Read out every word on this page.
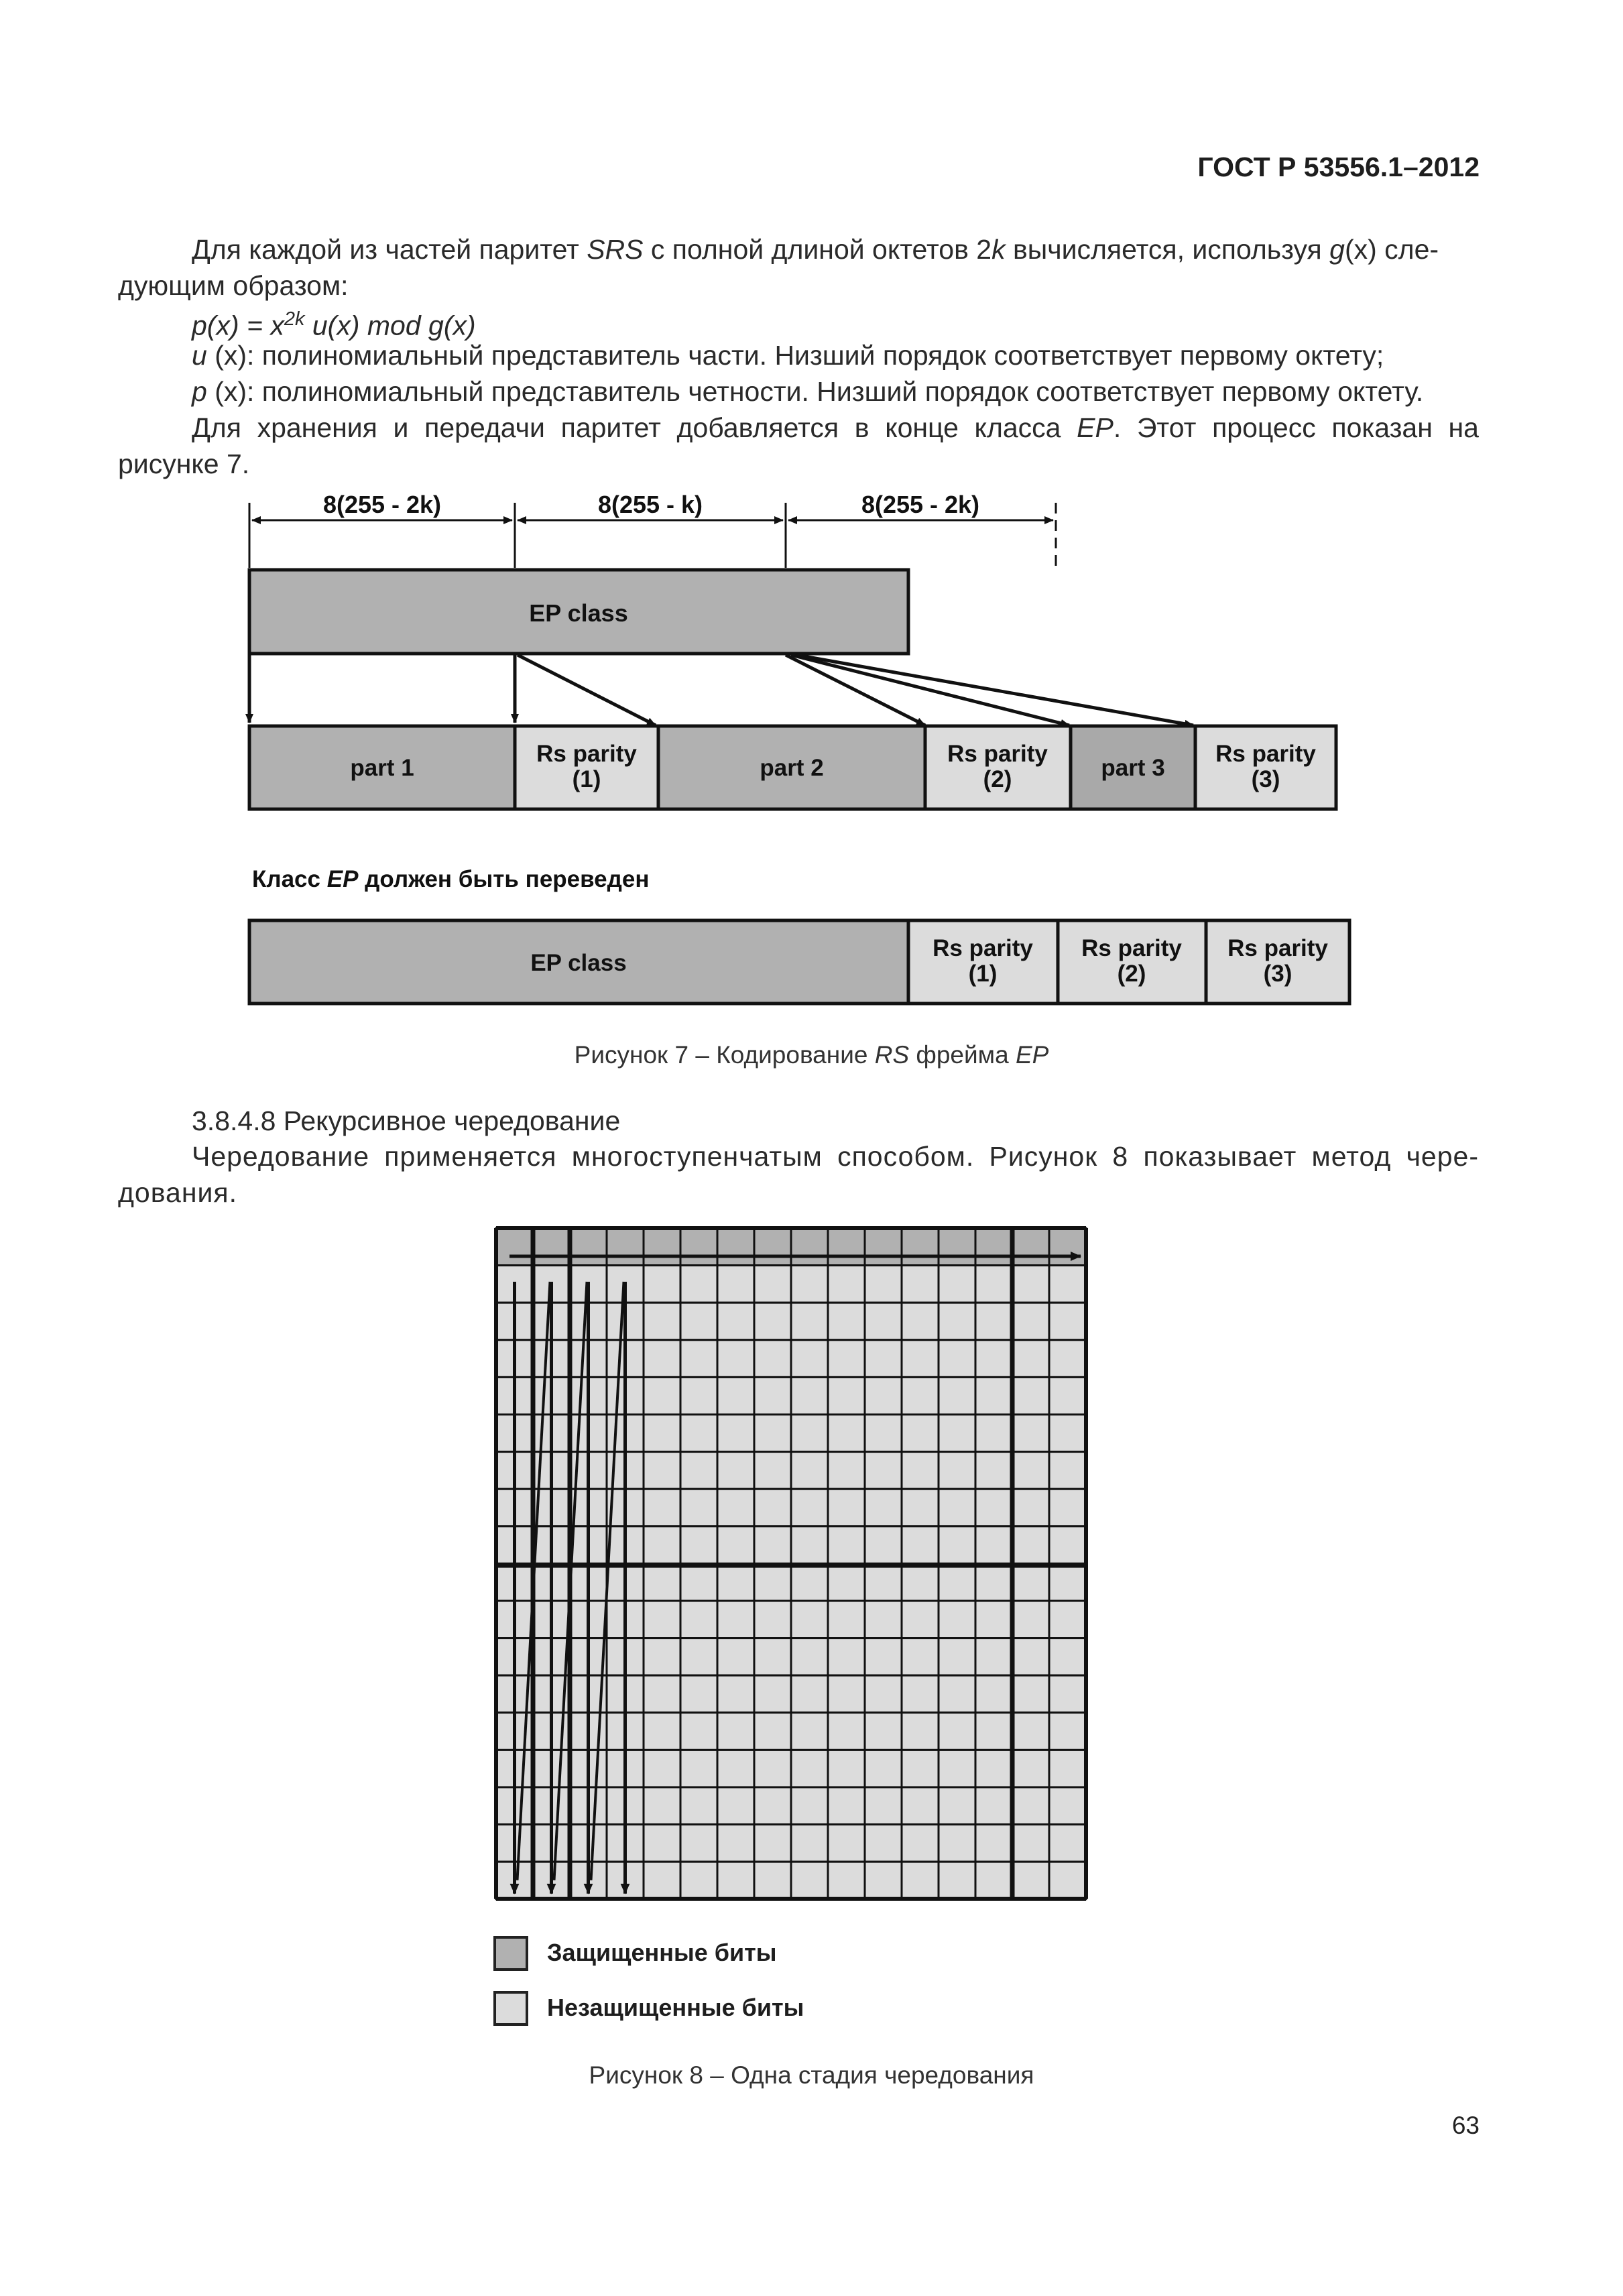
ГОСТ Р 53556.1–2012
Для каждой из частей паритет SRS с полной длиной октетов 2k вычисляется, используя g(x) сле-
дующим образом:
$p(x) = x^{2k}$ u(x) mod g(x)
u (x): полиномиальный представитель части. Низший порядок соответствует первому октету;
p (x): полиномиальный представитель четности. Низший порядок соответствует первому октету.
Для хранения и передачи паритет добавляется в конце класса EP. Этот процесс показан на
рисунке 7.
8(255 - 2k)	8(255 - k)	8(255 - 2k)
EP class
part 1
Rs parity
(1)	part 2
Rs parity
(2)	part 3
Rs parity
(3)
Класс EP должен быть переведен
EP class
Rs parity
(1)
Rs parity
(2)
Rs parity
(3)
Рисунок 7 – Кодирование RS фрейма EP
3.8.4.8 Рекурсивное чередование
Чередование применяется многоступенчатым способом. Рисунок 8 показывает метод чере-
дования.
Защищенные биты
Незащищенные биты
Рисунок 8 – Одна стадия чередования
63
